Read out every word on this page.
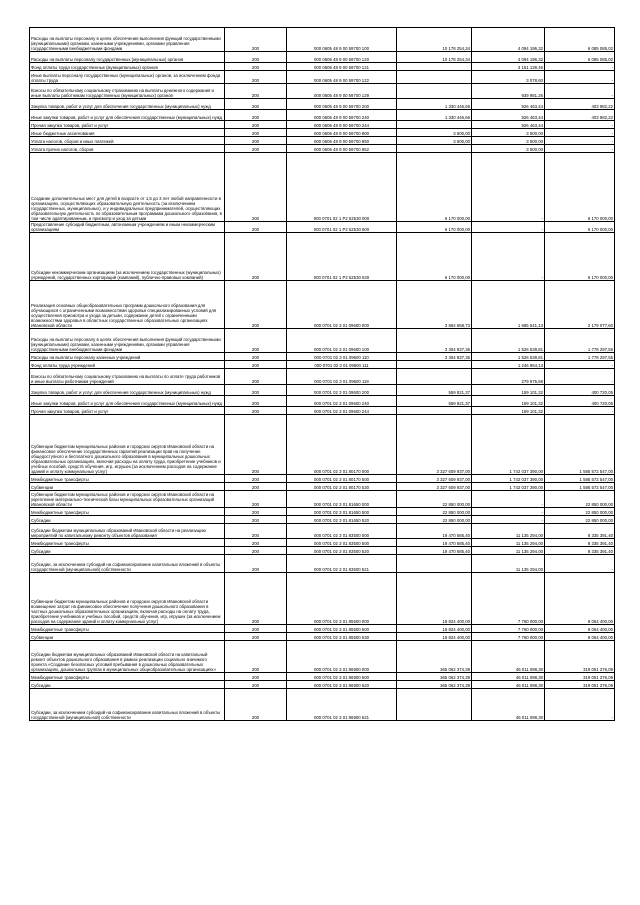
Расходы на выплаты персоналу в целях обеспечения выполнения функций государственными (муниципальными) органами, казенными учреждениями, органами управления государственными внебюджетными фондами	200	000 0605 48 9 00 59700 100	10 178 254,34	4 094 196,32	6 085 085,02
Расходы на выплаты персоналу государственных (муниципальных) органов	200	000 0605 48 9 00 59700 120	10 178 254,34	4 094 196,32	6 085 085,02
Фонд оплаты труда государственных (муниципальных) органов	200	000 0605 48 9 00 59700 121		3 151 139,46	-
Иные выплаты персоналу государственных (муниципальных) органов, за исключением фонда оплаты труда	200	000 0605 48 9 00 59700 122		3 078,60	-
Взносы по обязательному социальному страхованию на выплаты денежного содержания и иные выплаты работникам государственных (муниципальных) органов	200	000 0605 48 9 00 59700 129		939 981,26	-
Закупка товаров, работ и услуг для обеспечения государственных (муниципальных) нужд	200	000 0605 48 9 00 59700 200	1 330 446,66	926 463,44	403 982,22
Иные закупки товаров, работ и услуг для обеспечения государственных (муниципальных) нужд	200	000 0605 48 9 00 59700 240	1 330 446,66	926 463,44	403 982,22
Прочая закупка товаров, работ и услуг	200	000 0605 48 9 00 59700 244		926 463,44	-
Иные бюджетные ассигнования	200	000 0605 48 9 00 59700 800	3 500,00	3 500,00	-
Уплата налогов, сборов и иных платежей	200	000 0605 48 9 00 59700 850	3 500,00	3 500,00	-
Уплата прочих налогов, сборов	200	000 0605 48 9 00 59700 852		3 500,00	-
Создание дополнительных мест для детей в возрасте от 1,5 до 3 лет любой направленности в организациях, осуществляющих образовательную деятельность (за исключением государственных, муниципальных), и у индивидуальных предпринимателей, осуществляющих образовательную деятельность по образовательным программам дошкольного образования, в том числе адаптированным, и присмотр и уход за детьми	200	000 0701 02 1 P2 52530 000	6 170 000,00	-	6 170 000,00
Предоставление субсидий бюджетным, автономным учреждениям и иным некоммерческим организациям	200	000 0701 02 1 P2 52530 600	6 170 000,00	-	6 170 000,00
Субсидии некоммерческим организациям (за исключением государственных (муниципальных) учреждений, государственных корпораций (компаний), публично-правовых компаний)	200	000 0701 02 1 P2 52530 630	6 170 000,00	-	6 170 000,00
Реализация основных общеобразовательных программ дошкольного образования для обучающихся с ограниченными возможностями здоровья специализированных условий для осуществления присмотра и ухода за детьми, содержание детей с ограниченными возможностями здоровья в областных государственных образовательных организациях Ивановской области	200	000 0701 02 3 01 09600 000	3 864 658,73	1 685 541,13	2 179 077,60
Расходы на выплаты персоналу в целях обеспечения выполнения функций государственными (муниципальными) органами, казенными учреждениями, органами управления государственными внебюджетными фондами	200	000 0701 02 3 01 09600 100	3 304 837,36	1 526 539,81	1 778 297,55
Расходы на выплаты персоналу казенных учреждений	200	000 0701 02 3 01 09600 110	3 304 837,36	1 526 539,81	1 778 297,55
Фонд оплаты труда учреждений	200	000 0701 02 3 01 09600 111		1 246 964,13	-
Взносы по обязательному социальному страхованию на выплаты по оплате труда работников и иные выплаты работникам учреждений	200	000 0701 02 3 01 09600 119		279 575,68	-
Закупка товаров, работ и услуг для обеспечения государственных (муниципальных) нужд	200	000 0701 02 3 01 09600 200	559 821,37	159 101,32	400 720,05
Иные закупки товаров, работ и услуг для обеспечения государственных (муниципальных) нужд	200	000 0701 02 3 01 09600 240	559 821,37	159 101,32	400 720,05
Прочая закупка товаров, работ и услуг	200	000 0701 02 3 01 09600 244		159 101,32	-
Субвенции бюджетам муниципальных районов и городских округов Ивановской области на финансовое обеспечение государственных гарантий реализации прав на получение общедоступного и бесплатного дошкольного образования в муниципальных дошкольных образовательных организациях, включая расходы на оплату труда, приобретение учебников и учебных пособий, средств обучения, игр, игрушек (за исключением расходов на содержание зданий и оплату коммунальных услуг)	200	000 0701 02 3 01 80170 000	3 327 609 937,00	1 742 037 390,00	1 585 572 547,00
Межбюджетные трансферты	200	000 0701 02 3 01 80170 500	3 327 609 937,00	1 742 037 390,00	1 585 572 547,00
Субвенции	200	000 0701 02 3 01 80170 530	3 327 609 937,00	1 742 037 390,00	1 585 572 547,00
Субвенции бюджетам муниципальных районов и городских округов Ивановской области на укрепление материально-технической базы муниципальных образовательных организаций Ивановской области	200	000 0701 02 3 01 81650 000	22 850 000,00	-	22 850 000,00
Межбюджетные трансферты	200	000 0701 02 3 01 81650 500	22 850 000,00	-	22 850 000,00
Субсидии	200	000 0701 02 3 01 81650 520	22 850 000,00	-	22 850 000,00
Субсидии бюджетам муниципальных образований Ивановской области на реализацию мероприятий по капитальному ремонту объектов образования	200	000 0701 02 3 01 83500 000	19 470 685,40	11 135 294,00	8 335 391,40
Межбюджетные трансферты	200	000 0701 02 3 01 83500 500	19 470 685,40	11 135 294,00	8 335 391,40
Субсидии	200	000 0701 02 3 01 83500 520	19 470 685,40	11 135 294,00	8 335 391,40
Субсидии, за исключением субсидий на софинансирование капитальных вложений в объекты государственной (муниципальной) собственности	200	000 0701 02 3 01 83500 521		11 135 294,00	-
Субвенции бюджетам муниципальных районов и городских округов Ивановской области возмещение затрат на финансовое обеспечение получения дошкольного образования в частных дошкольных образовательных организациях, включая расходы на оплату труда, приобретение учебников и учебных пособий, средств обучения, игр, игрушек (за исключением расходов на содержание зданий и оплату коммунальных услуг)	200	000 0701 02 3 01 85500 000	15 824 400,00	7 760 000,00	8 064 400,00
Межбюджетные трансферты	200	000 0701 02 3 01 85500 500	15 824 400,00	7 760 000,00	8 064 400,00
Субвенции	200	000 0701 02 3 01 85500 530	15 824 400,00	7 760 000,00	8 064 400,00
Субсидии бюджетам муниципальных образований Ивановской области на капитальный ремонт объектов дошкольного образования в рамках реализации социально значимого проекта «Создание безопасных условий пребывания в дошкольных образовательных организациях, дошкольных группах в муниципальных общеобразовательных организациях»	200	000 0701 02 3 01 86900 000	365 062 374,39	46 011 098,30	319 051 276,09
Межбюджетные трансферты	200	000 0701 02 3 01 86900 500	365 062 374,39	46 011 098,30	319 051 276,09
Субсидии	200	000 0701 02 3 01 86900 520	365 062 374,39	46 011 098,30	319 051 276,09
Субсидии, за исключением субсидий на софинансирование капитальных вложений в объекты государственной (муниципальной) собственности	200	000 0701 02 3 01 86900 521		46 011 098,30	-
